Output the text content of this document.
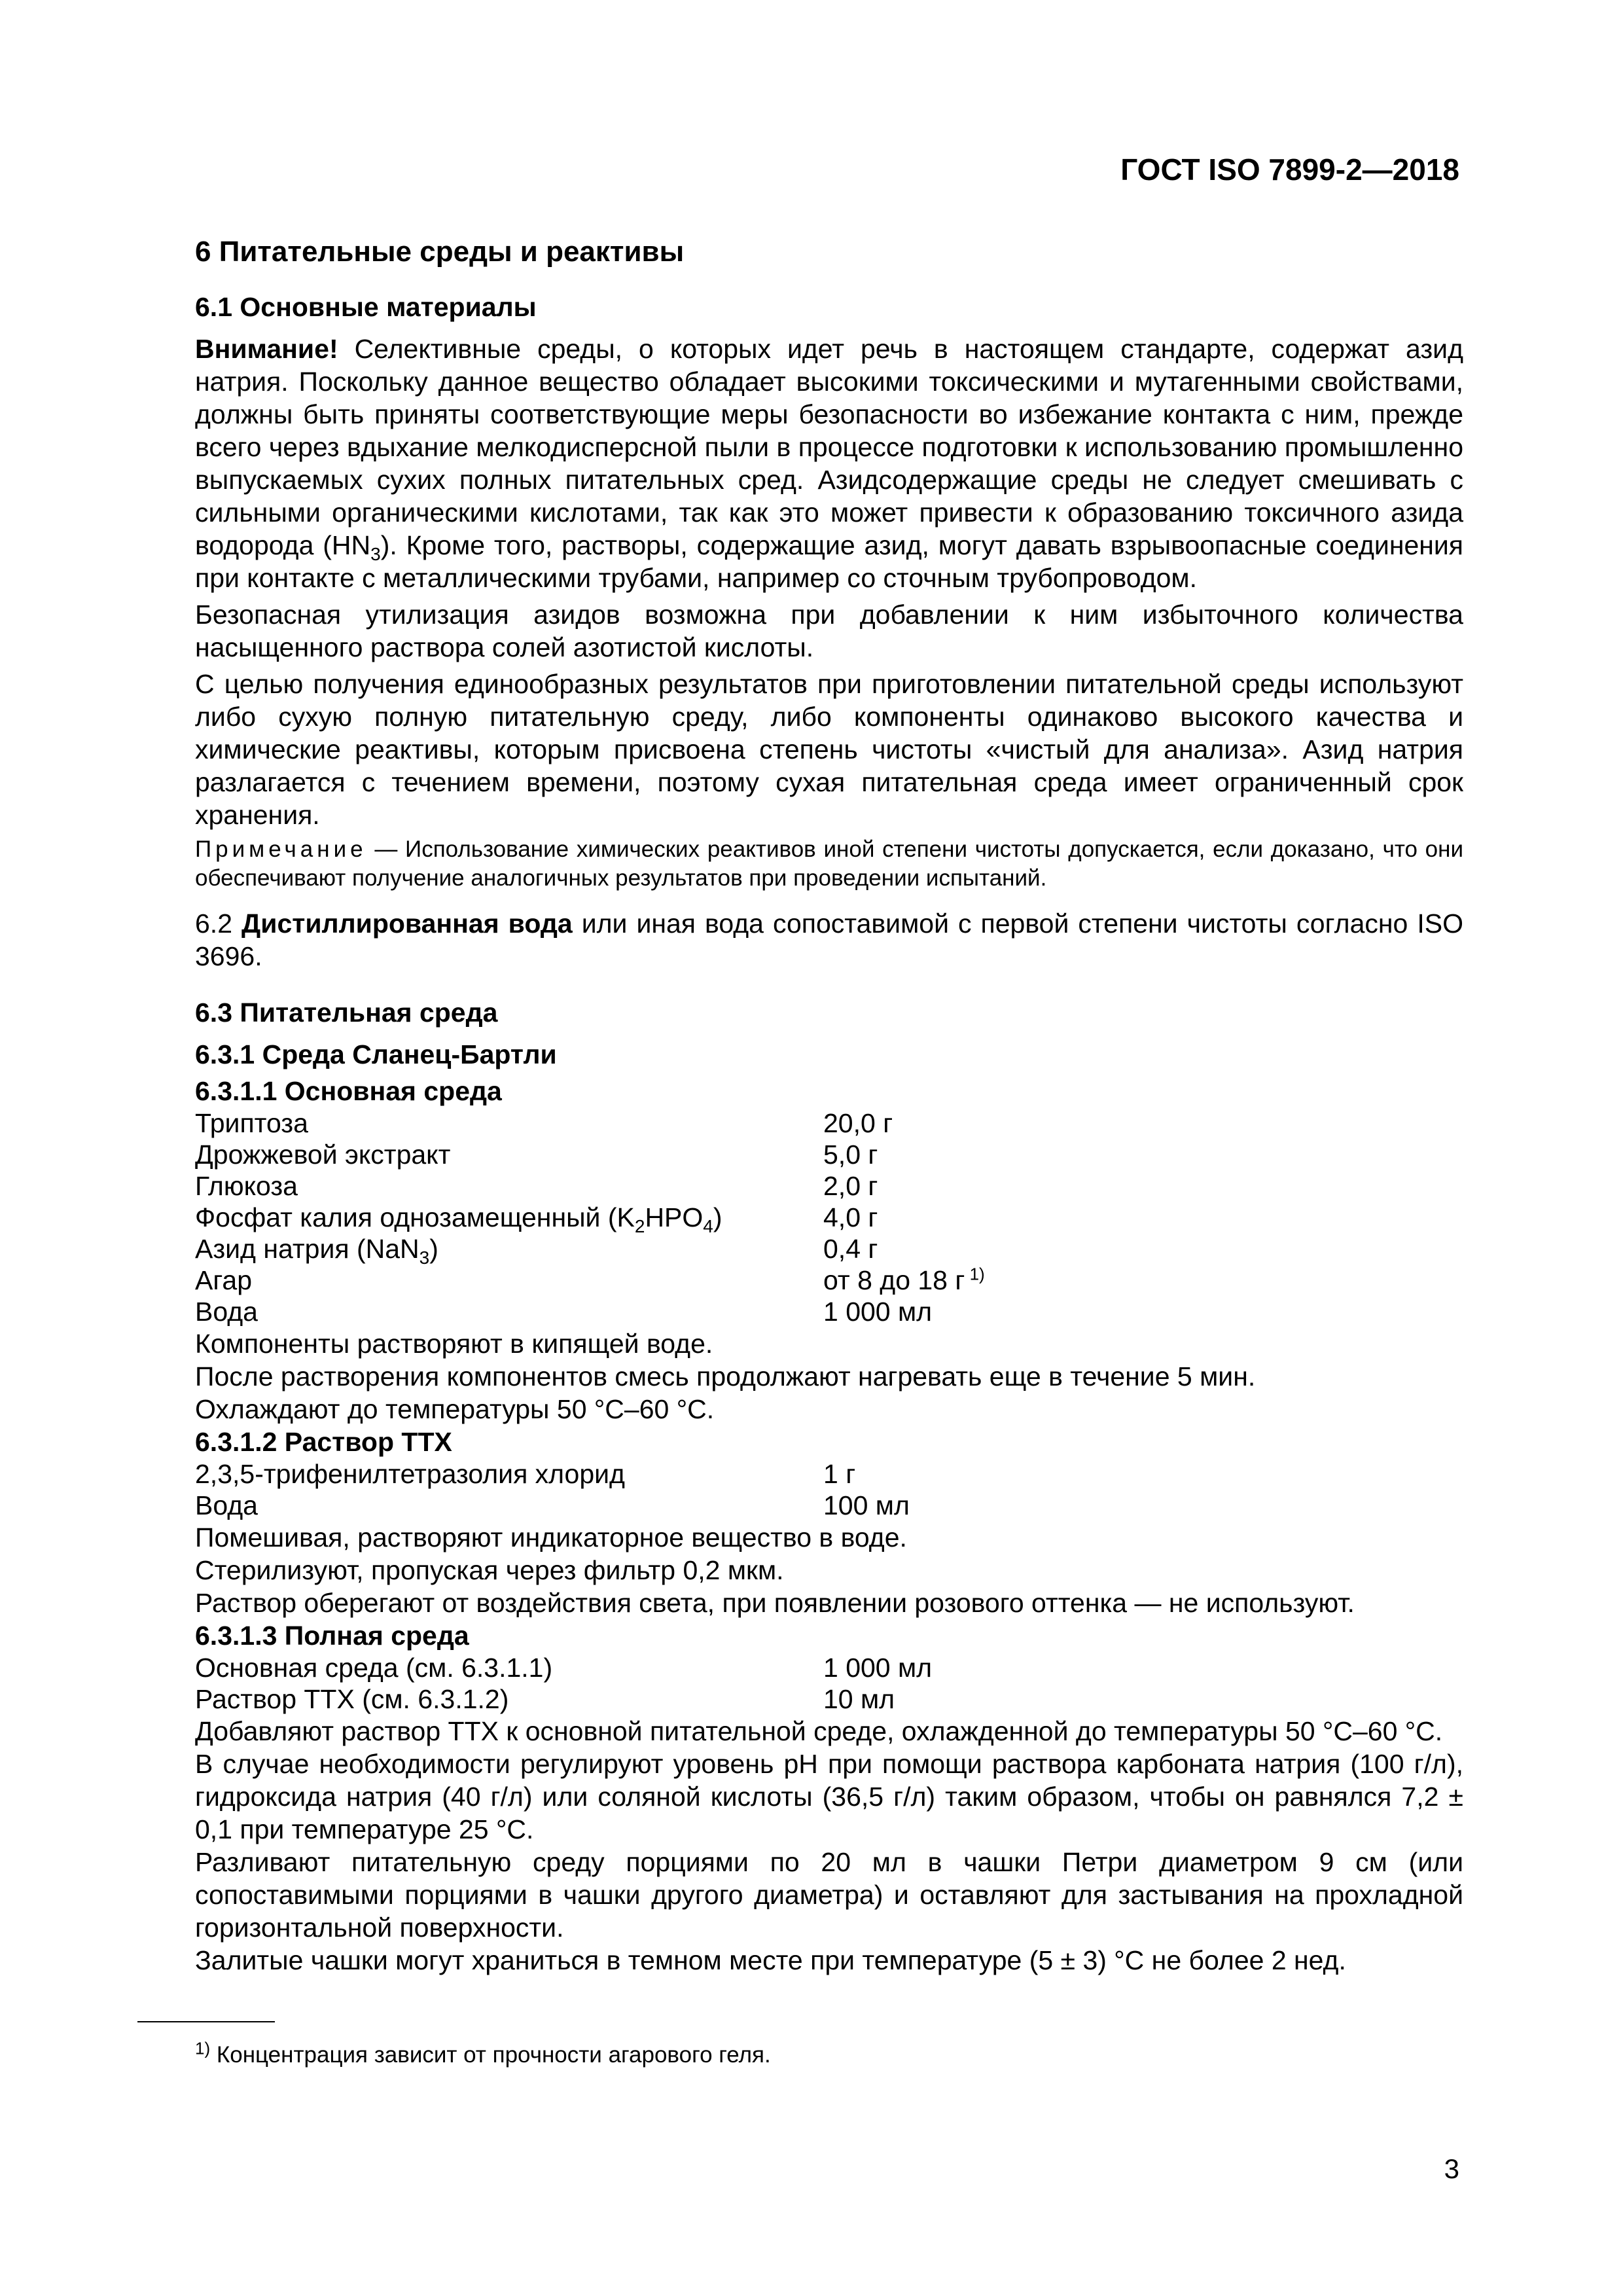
ГОСТ ISO 7899-2—2018
6 Питательные среды и реактивы
6.1 Основные материалы

Внимание! Селективные среды, о которых идет речь в настоящем стандарте, содержат азид натрия. Поскольку данное вещество обладает высокими токсическими и мутагенными свойствами, должны быть приняты соответствующие меры безопасности во избежание контакта с ним, прежде всего через вдыхание мелкодисперсной пыли в процессе подготовки к использованию промышленно выпускаемых сухих полных питательных сред. Азидсодержащие среды не следует смешивать с сильными органическими кислотами, так как это может привести к образованию токсичного азида водорода $(HN_3)$. Кроме того, растворы, содержащие азид, могут давать взрывоопасные соединения при контакте с металлическими трубами, например со сточным трубопроводом.

Безопасная утилизация азидов возможна при добавлении к ним избыточного количества насыщенного раствора солей азотистой кислоты.

С целью получения единообразных результатов при приготовлении питательной среды используют либо сухую полную питательную среду, либо компоненты одинаково высокого качества и химические реактивы, которым присвоена степень чистоты «чистый для анализа». Азид натрия разлагается с течением времени, поэтому сухая питательная среда имеет ограниченный срок хранения.

Примечание — Использование химических реактивов иной степени чистоты допускается, если доказано, что они обеспечивают получение аналогичных результатов при проведении испытаний.

6.2 Дистиллированная вода или иная вода сопоставимой с первой степени чистоты согласно ISO 3696.

6.3 Питательная среда
6.3.1 Среда Сланец-Бартли
6.3.1.1 Основная среда
Триптоза	20,0 г
Дрожжевой экстракт	5,0 г
Глюкоза	2,0 г
Фосфат калия однозамещенный $(K_2HPO_4)$	4,0 г
Азид натрия (NaN$_3$)	0,4 г
Агар	от 8 до 18 г $^{1)}$
Вода	1 000 мл

Компоненты растворяют в кипящей воде.

После растворения компонентов смесь продолжают нагревать еще в течение 5 мин.

Охлаждают до температуры 50 °С–60 °С.

6.3.1.2 Раствор ТТХ
2,3,5-трифенилтетразолия хлорид	1 г
Вода	100 мл

Помешивая, растворяют индикаторное вещество в воде.

Стерилизуют, пропуская через фильтр 0,2 мкм.

Раствор оберегают от воздействия света, при появлении розового оттенка — не используют.

6.3.1.3 Полная среда
Основная среда (см. 6.3.1.1)	1 000 мл
Раствор ТТХ (см. 6.3.1.2)	10 мл

Добавляют раствор ТТХ к основной питательной среде, охлажденной до температуры 50 °С–60 °С.

В случае необходимости регулируют уровень pH при помощи раствора карбоната натрия (100 г/л), гидроксида натрия (40 г/л) или соляной кислоты (36,5 г/л) таким образом, чтобы он равнялся 7,2 ± 0,1 при температуре 25 °С.

Разливают питательную среду порциями по 20 мл в чашки Петри диаметром 9 см (или сопоставимыми порциями в чашки другого диаметра) и оставляют для застывания на прохладной горизонтальной поверхности.

Залитые чашки могут храниться в темном месте при температуре (5 ± 3) °С не более 2 нед.

$^{1)}$ Концентрация зависит от прочности агарового геля.
3
